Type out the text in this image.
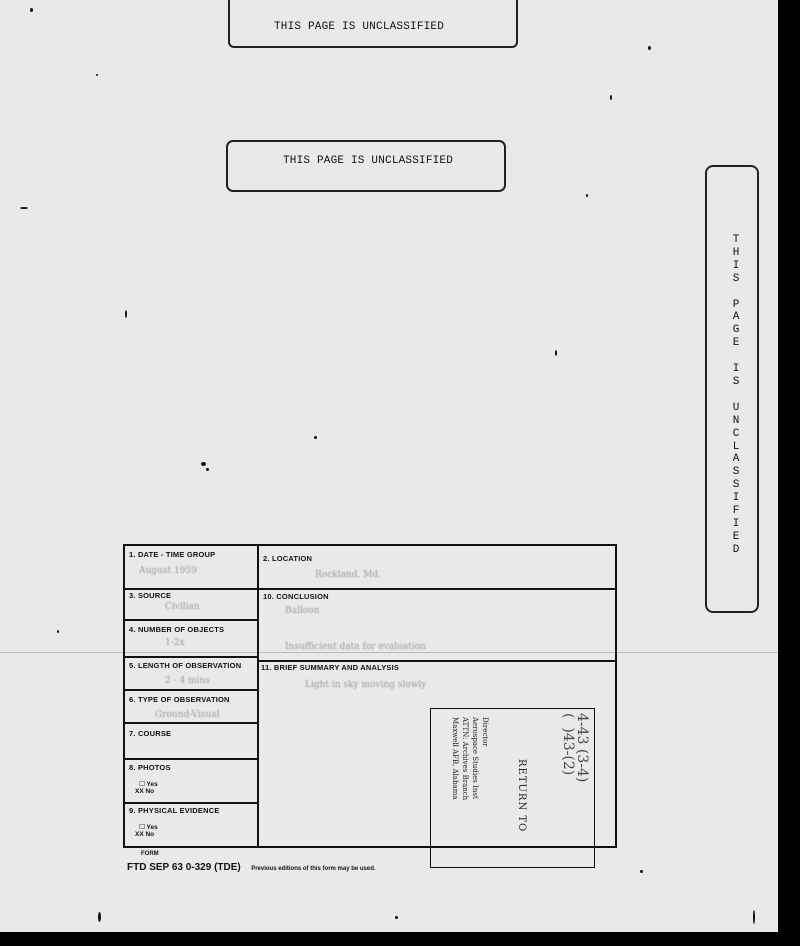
THIS PAGE IS UNCLASSIFIED
THIS PAGE IS UNCLASSIFIED
T
H
I
S

P
A
G
E

I
S

U
N
C
L
A
S
S
I
F
I
E
D
1. DATE - TIME GROUP
August 1959
2. LOCATION
Rockland, Md.
3. SOURCE
Civilian
10. CONCLUSION
Balloon
Insufficient data for evaluation
4. NUMBER OF OBJECTS
1-2x
5. LENGTH OF OBSERVATION
2 - 4 mins
11. BRIEF SUMMARY AND ANALYSIS
Light in sky moving slowly
6. TYPE OF OBSERVATION
Ground-Visual
7. COURSE
8. PHOTOS
☐ Yes
XX No
9. PHYSICAL EVIDENCE
☐ Yes
XX No
RETURN TO
Director
Aerospace Studies Inst
ATTN: Archives Branch
Maxwell AFB, Alabama	4-43 (3-4)
(  )43-(2)
FORM
FTD SEP 63 0-329 (TDE) Previous editions of this form may be used.
